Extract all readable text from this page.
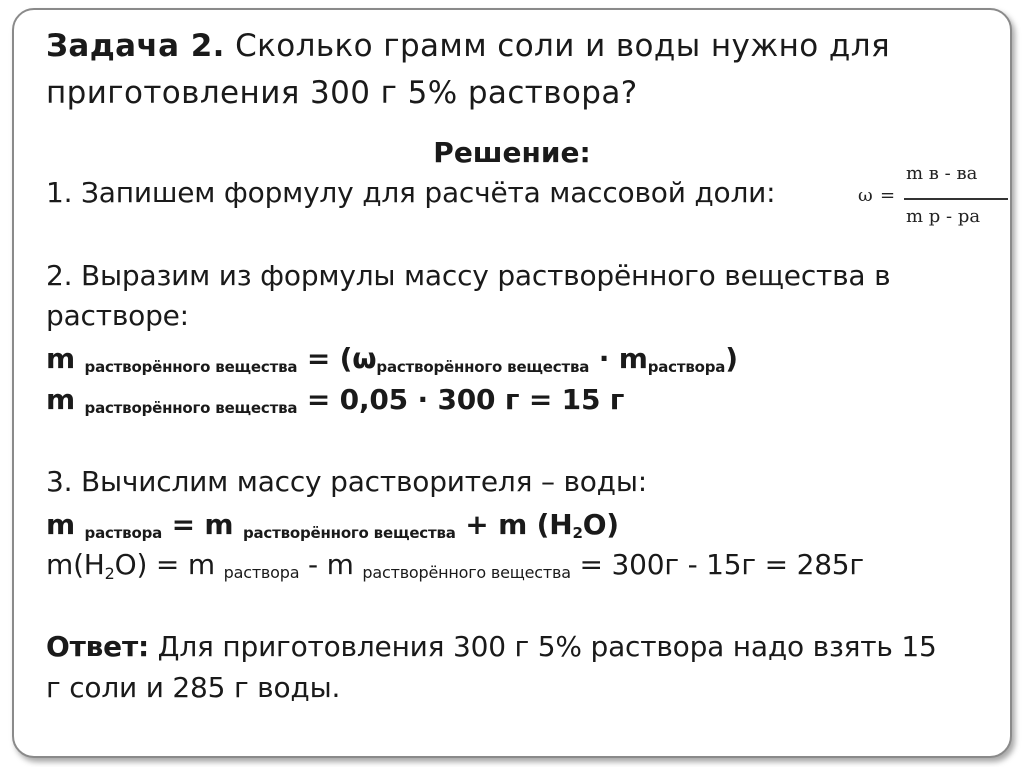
Задача 2. Сколько грамм соли и воды нужно для
приготовления 300 г 5% раствора?
Решение:
1. Запишем формулу для расчёта массовой доли:	ω =
m в - ва
m р - ра
2. Выразим из формулы массу растворённого вещества в
растворе:
m $_{растворённого вещества} = (\omega_{растворённого вещества} \cdot m_{раствора})$
m $_{растворённого вещества}$ = 0,05 · 300 г = 15 г
3. Вычислим массу растворителя – воды:
m $_{раствора}$ = m $_{растворённого вещества}$ + m $(H_2O)$
m(H2O) = m раствора - m растворённого вещества = 300г - 15г = 285г
Ответ: Для приготовления 300 г 5% раствора надо взять 15
г соли и 285 г воды.
